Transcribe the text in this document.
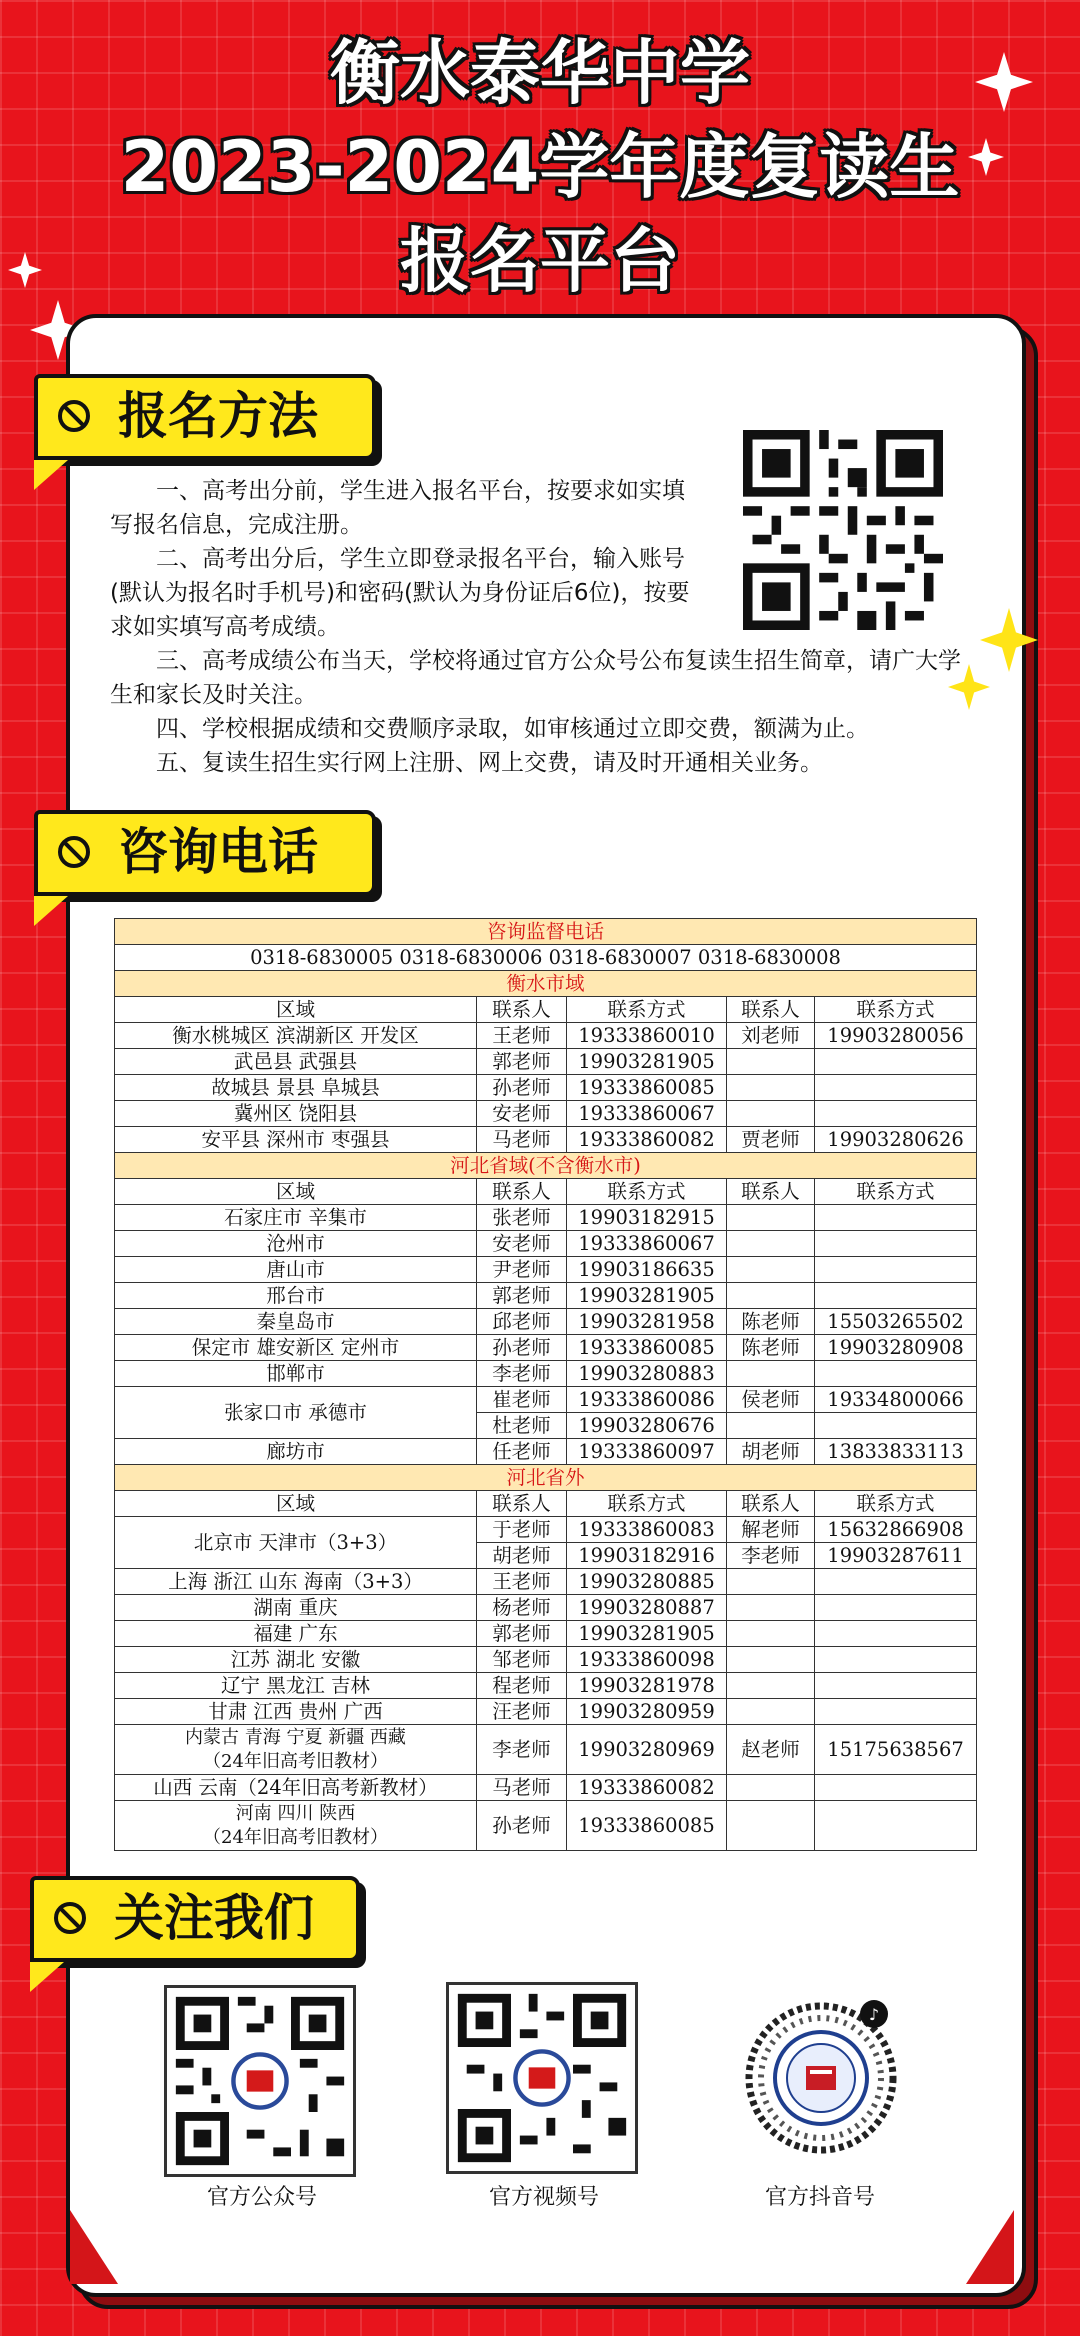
衡水泰华中学
2023-2024学年度复读生
报名平台
报名方法

一、高考出分前，学生进入报名平台，按要求如实填写报名信息，完成注册。

二、高考出分后，学生立即登录报名平台，输入账号(默认为报名时手机号)和密码(默认为身份证后6位)，按要求如实填写高考成绩。

三、高考成绩公布当天，学校将通过官方公众号公布复读生招生简章，请广大学生和家长及时关注。

四、学校根据成绩和交费顺序录取，如审核通过立即交费，额满为止。

五、复读生招生实行网上注册、网上交费，请及时开通相关业务。

咨询电话
咨询监督电话				
0318-6830005 0318-6830006 0318-6830007 0318-6830008				
衡水市域				
区域	联系人	联系方式	联系人	联系方式
衡水桃城区 滨湖新区 开发区	王老师	19333860010	刘老师	19903280056
武邑县 武强县	郭老师	19903281905		
故城县 景县 阜城县	孙老师	19333860085		
冀州区 饶阳县	安老师	19333860067		
安平县 深州市 枣强县	马老师	19333860082	贾老师	19903280626
河北省域(不含衡水市)				
区域	联系人	联系方式	联系人	联系方式
石家庄市 辛集市	张老师	19903182915		
沧州市	安老师	19333860067		
唐山市	尹老师	19903186635		
邢台市	郭老师	19903281905		
秦皇岛市	邱老师	19903281958	陈老师	15503265502
保定市 雄安新区 定州市	孙老师	19333860085	陈老师	19903280908
邯郸市	李老师	19903280883		
张家口市 承德市	崔老师	19333860086	侯老师	19334800066
	杜老师	19903280676		
廊坊市	任老师	19333860097	胡老师	13833833113
河北省外				
区域	联系人	联系方式	联系人	联系方式
北京市 天津市（3+3）	于老师	19333860083	解老师	15632866908
	胡老师	19903182916	李老师	19903287611
上海 浙江 山东 海南（3+3）	王老师	19903280885		
湖南 重庆	杨老师	19903280887		
福建 广东	郭老师	19903281905		
江苏 湖北 安徽	邹老师	19333860098		
辽宁 黑龙江 吉林	程老师	19903281978		
甘肃 江西 贵州 广西	汪老师	19903280959		

内蒙古 青海 宁夏 新疆 西藏
（24年旧高考旧教材）	李老师	19903280969	赵老师	15175638567
山西 云南（24年旧高考新教材）	马老师	19333860082		

河南 四川 陕西
（24年旧高考旧教材）	孙老师	19333860085		
关注我们
♪
官方公众号	官方视频号	官方抖音号
